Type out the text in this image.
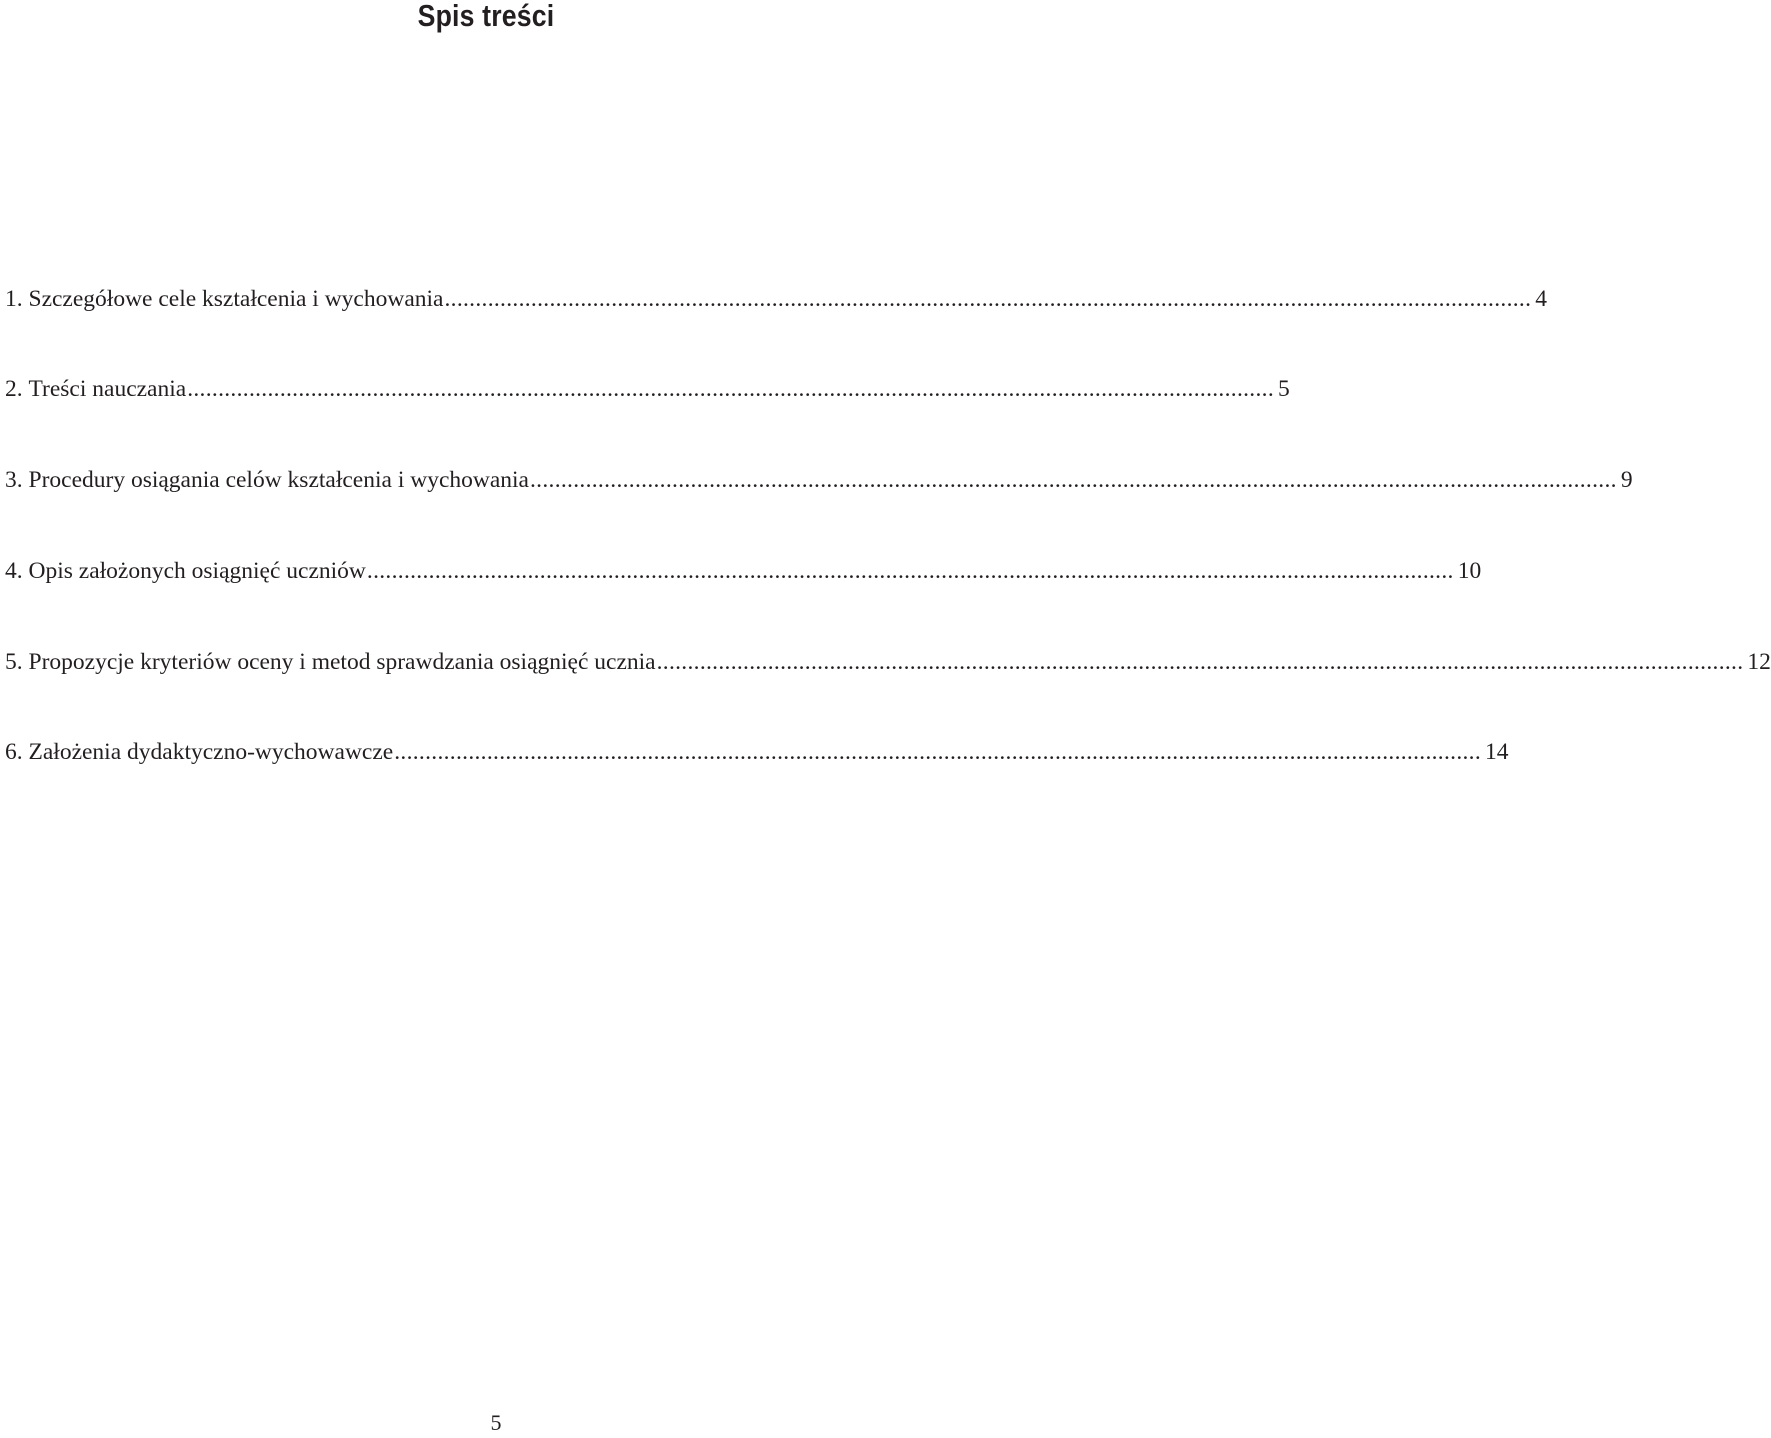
Spis treści
1.
Szczegółowe cele kształcenia i wychowania ................................................................................................................................................................................ 4
2.
Treści nauczania ................................................................................................................................................................................ 5
3.
Procedury osiągania celów kształcenia i wychowania ................................................................................................................................................................................ 9
4.
Opis założonych osiągnięć uczniów ................................................................................................................................................................................ 10
5.
Propozycje kryteriów oceny i metod sprawdzania osiągnięć ucznia ................................................................................................................................................................................ 12
6.
Założenia dydaktyczno-wychowawcze ................................................................................................................................................................................ 14
5
